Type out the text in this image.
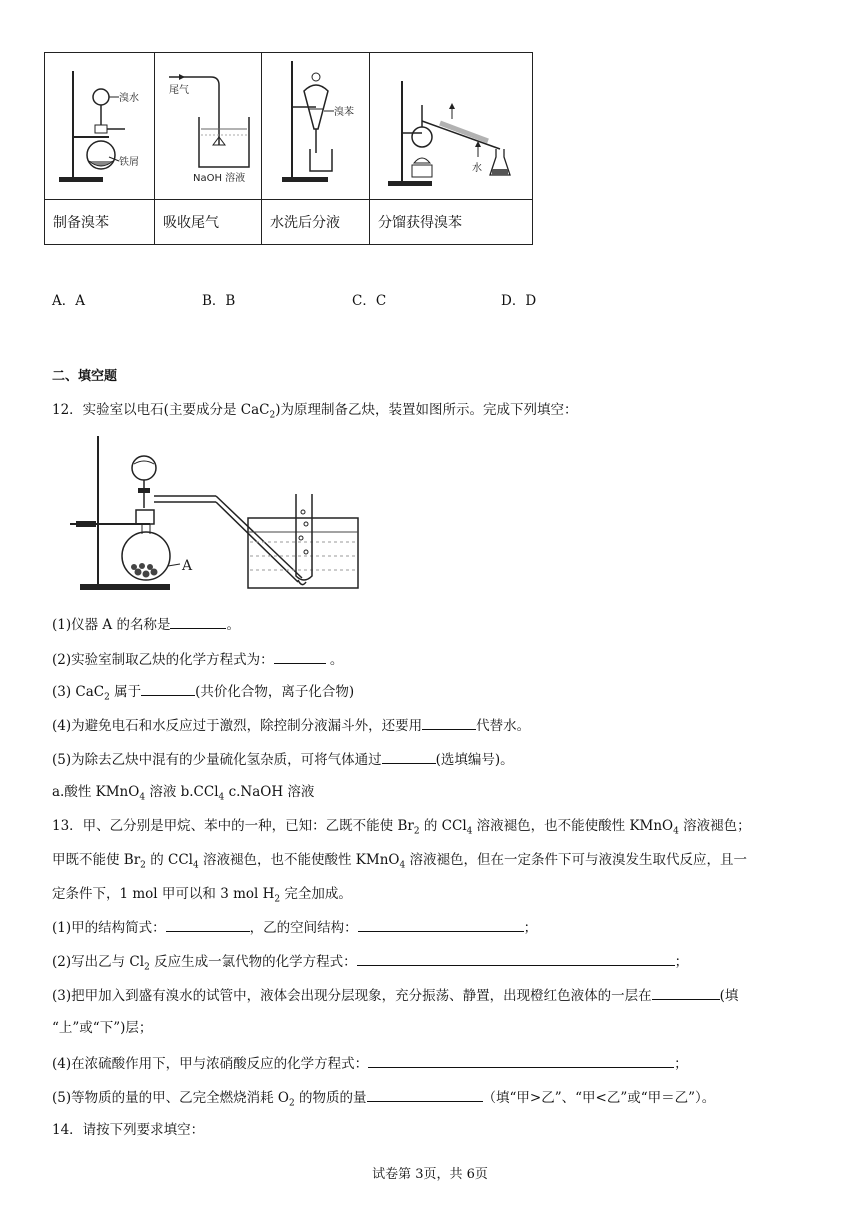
溴水
铁屑	尾气
NaOH 溶液	溴苯	水

制备溴苯	吸收尾气	水洗后分液	分馏获得溴苯
A．A	B．B	C．C	D．D
二、填空题
12．实验室以电石(主要成分是 CaC$_2$)为原理制备乙炔，装置如图所示。完成下列填空：
A
(1)仪器 A 的名称是	。
(2)实验室制取乙炔的化学方程式为：	。
(3) CaC$_2$ 属于	(共价化合物，离子化合物)
(4)为避免电石和水反应过于激烈，除控制分液漏斗外，还要用	代替水。
(5)为除去乙炔中混有的少量硫化氢杂质，可将气体通过	(选填编号)。
a.酸性 KMnO$_4$ 溶液 b.CCl$_4$ c.NaOH 溶液
13．甲、乙分别是甲烷、苯中的一种，已知：乙既不能使 $Br_2$ 的 CCl$_4$ 溶液褪色，也不能使酸性 KMnO$_4$ 溶液褪色；
甲既不能使 $Br_2$ 的 CCl$_4$ 溶液褪色，也不能使酸性 KMnO$_4$ 溶液褪色，但在一定条件下可与液溴发生取代反应，且一
定条件下，1 mol 甲可以和 3 mol $H_2$ 完全加成。
(1)甲的结构简式：	，乙的空间结构：	；
(2)写出乙与 $Cl_2$ 反应生成一氯代物的化学方程式：	；
(3)把甲加入到盛有溴水的试管中，液体会出现分层现象，充分振荡、静置，出现橙红色液体的一层在	(填
“上”或“下”)层；
(4)在浓硫酸作用下，甲与浓硝酸反应的化学方程式：	；
(5)等物质的量的甲、乙完全燃烧消耗 $O_2$ 的物质的量	（填“甲>乙”、“甲<乙”或“甲＝乙”）。
14．请按下列要求填空：
试卷第 3页，共 6页
